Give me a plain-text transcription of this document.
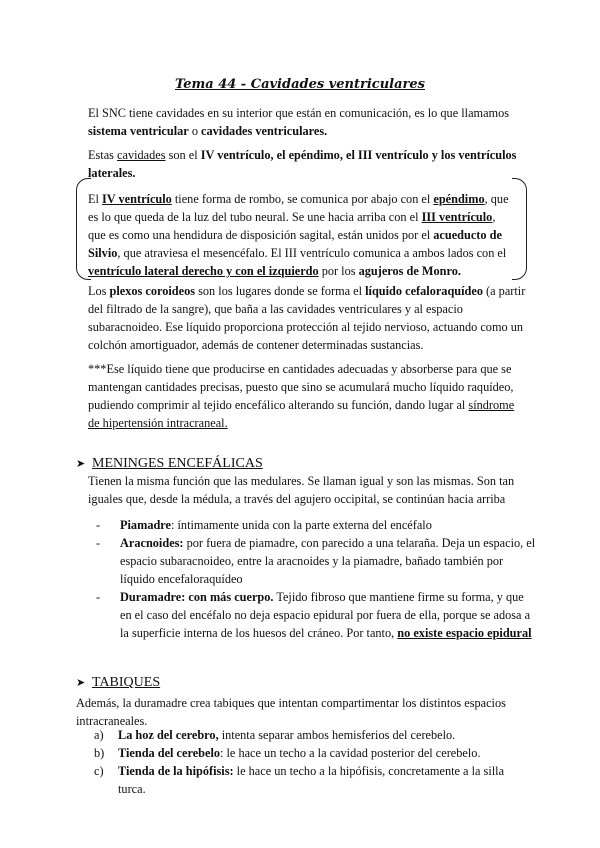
Tema 44 - Cavidades ventriculares

El SNC tiene cavidades en su interior que están en comunicación, es lo que llamamos sistema ventricular o cavidades ventriculares.

Estas cavidades son el IV ventrículo, el epéndimo, el III ventrículo y los ventrículos laterales.

El IV ventrículo tiene forma de rombo, se comunica por abajo con el epéndimo, que es lo que queda de la luz del tubo neural. Se une hacia arriba con el III ventrículo, que es como una hendidura de disposición sagital, están unidos por el acueducto de Silvio, que atraviesa el mesencéfalo. El III ventrículo comunica a ambos lados con el ventrículo lateral derecho y con el izquierdo por los agujeros de Monro.

Los plexos coroideos son los lugares donde se forma el líquido cefaloraquídeo (a partir del filtrado de la sangre), que baña a las cavidades ventriculares y al espacio subaracnoideo. Ese líquido proporciona protección al tejido nervioso, actuando como un colchón amortiguador, además de contener determinadas sustancias.

***Ese líquido tiene que producirse en cantidades adecuadas y absorberse para que se mantengan cantidades precisas, puesto que sino se acumulará mucho líquido raquídeo, pudiendo comprimir al tejido encefálico alterando su función, dando lugar al síndrome de hipertensión intracraneal.

➤ MENINGES ENCEFÁLICAS

Tienen la misma función que las medulares. Se llaman igual y son las mismas. Son tan iguales que, desde la médula, a través del agujero occipital, se continúan hacia arriba

- Piamadre: íntimamente unida con la parte externa del encéfalo
- Aracnoides: por fuera de piamadre, con parecido a una telaraña. Deja un espacio, el espacio subaracnoideo, entre la aracnoides y la piamadre, bañado también por líquido encefaloraquídeo
- Duramadre: con más cuerpo. Tejido fibroso que mantiene firme su forma, y que en el caso del encéfalo no deja espacio epidural por fuera de ella, porque se adosa a la superficie interna de los huesos del cráneo. Por tanto, no existe espacio epidural
➤ TABIQUES

Además, la duramadre crea tabiques que intentan compartimentar los distintos espacios intracraneales.

a) La hoz del cerebro, intenta separar ambos hemisferios del cerebelo.
b) Tienda del cerebelo: le hace un techo a la cavidad posterior del cerebelo.
c) Tienda de la hipófisis: le hace un techo a la hipófisis, concretamente a la silla turca.
